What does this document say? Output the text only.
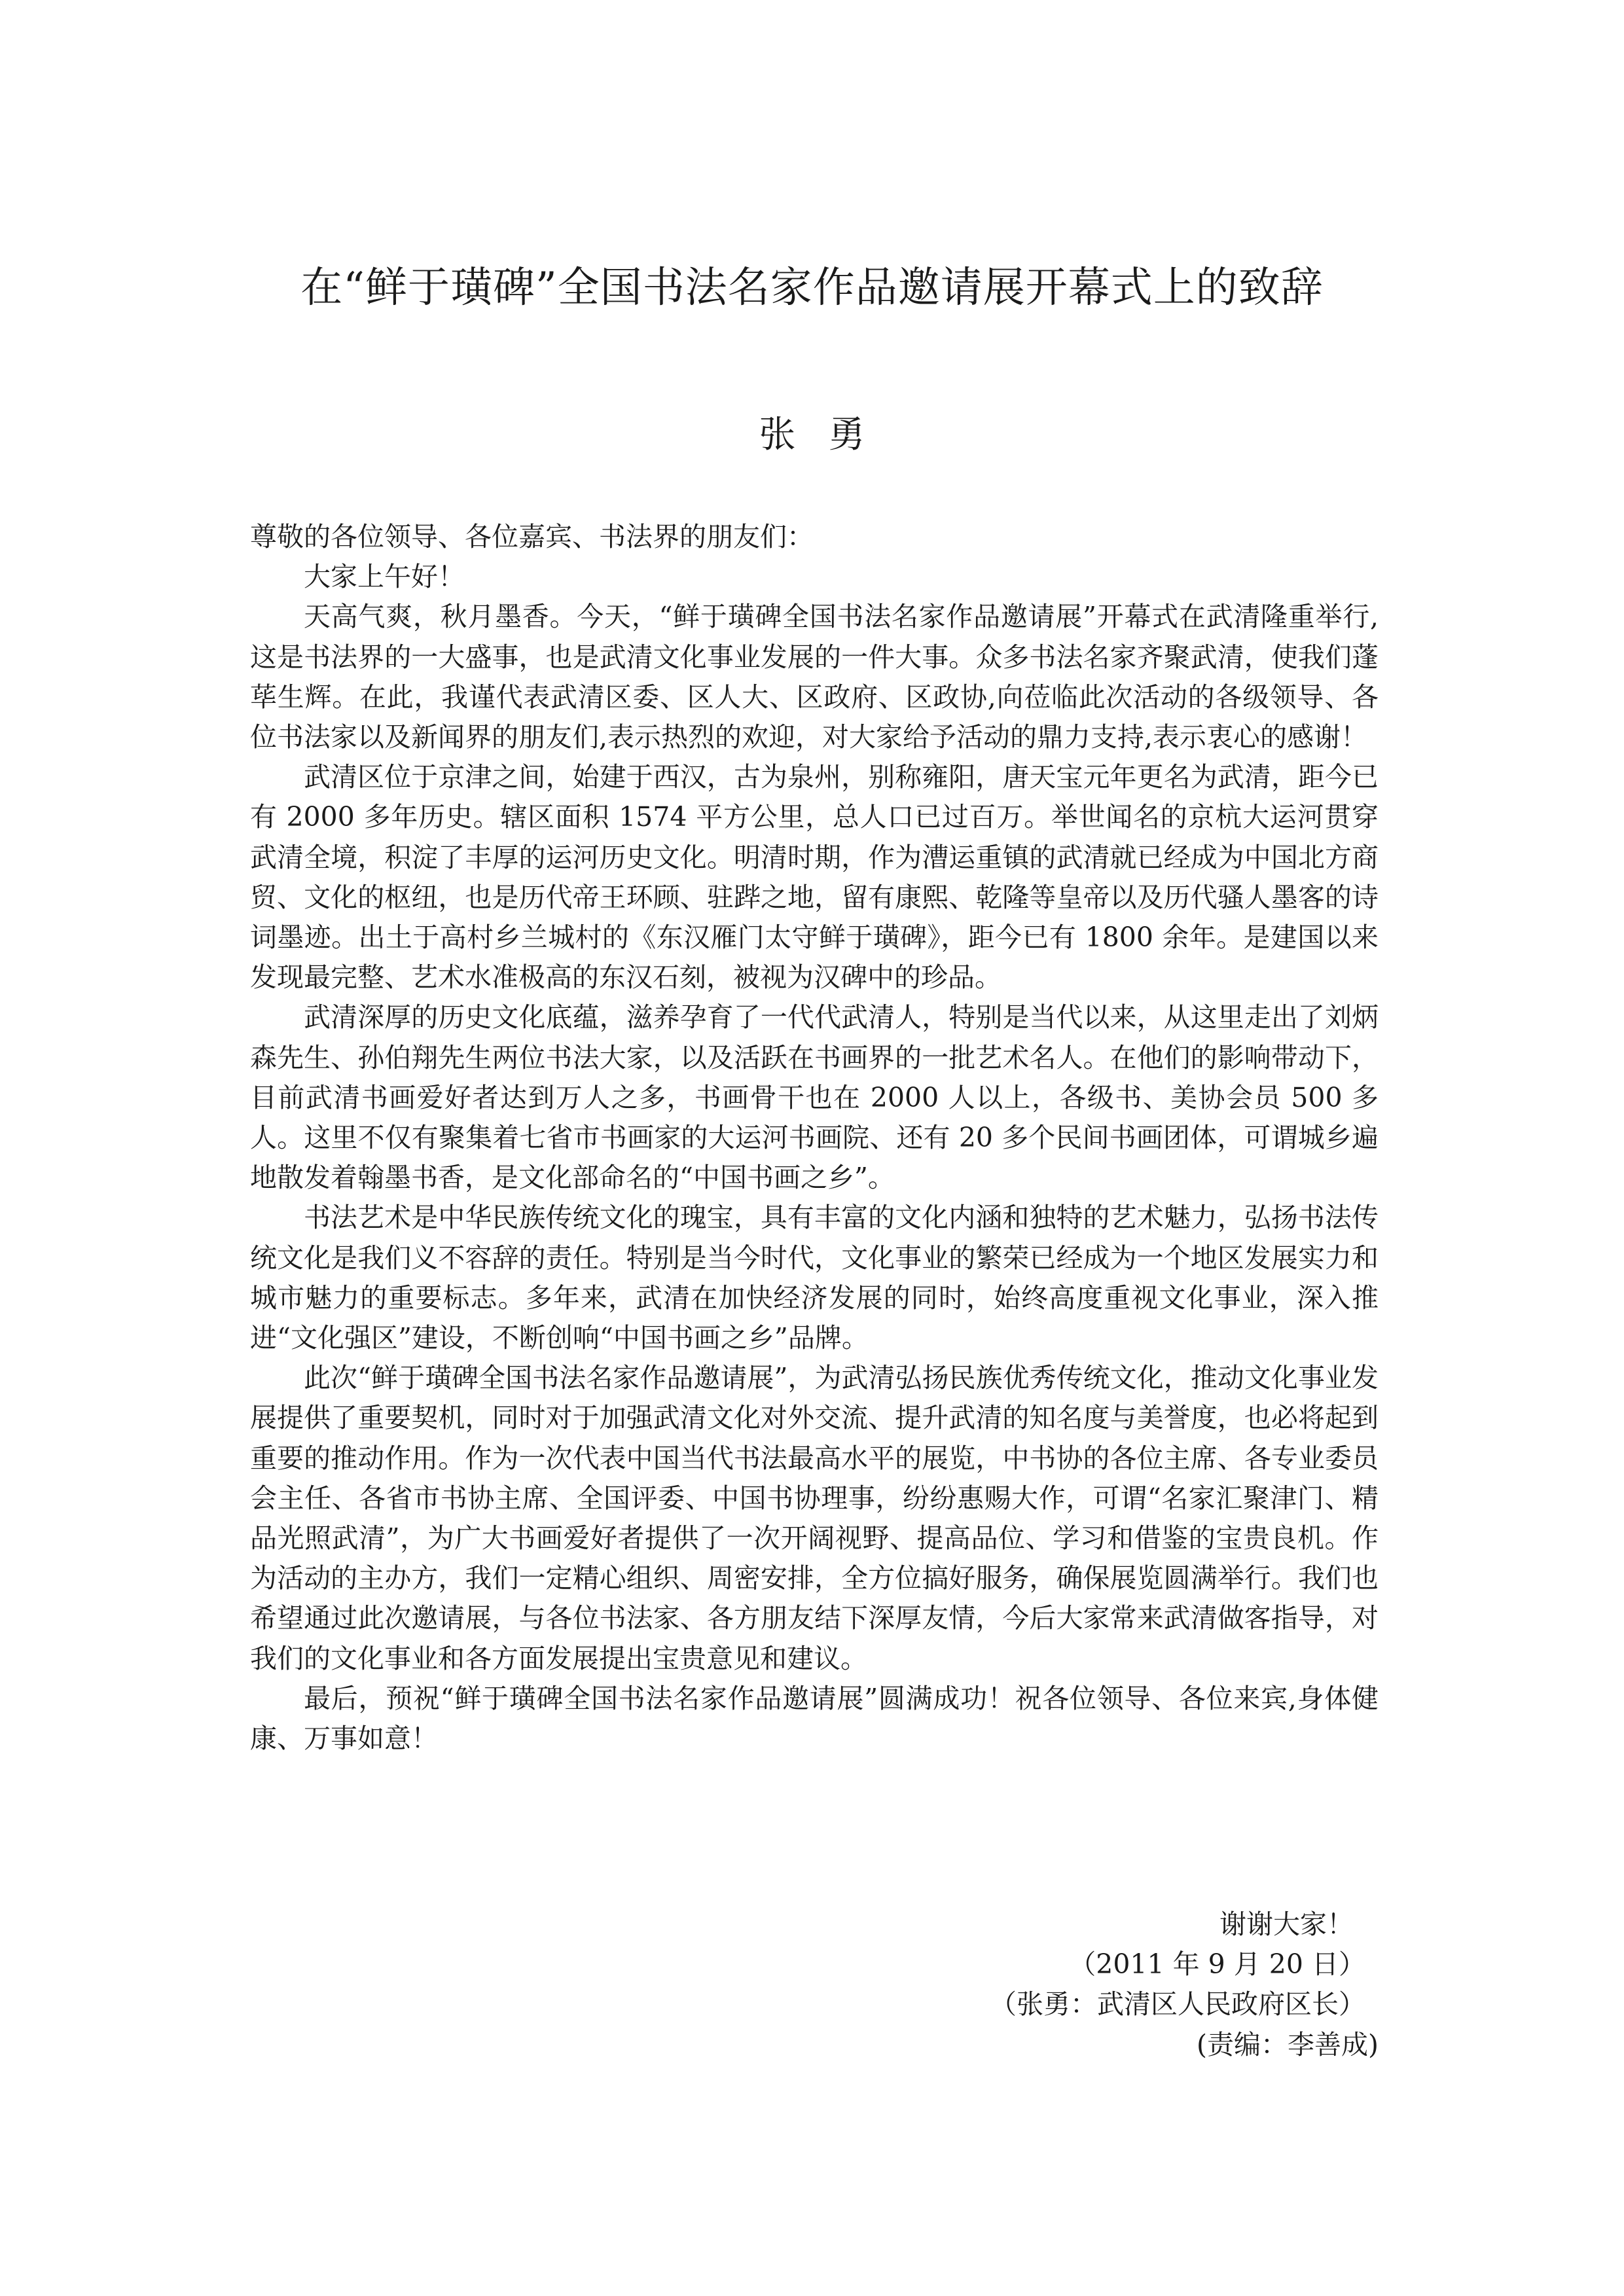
在“鲜于璜碑”全国书法名家作品邀请展开幕式上的致辞
张勇

尊敬的各位领导、各位嘉宾、书法界的朋友们：

大家上午好！

天高气爽，秋月墨香。今天，“鲜于璜碑全国书法名家作品邀请展”开幕式在武清隆重举行,这是书法界的一大盛事，也是武清文化事业发展的一件大事。众多书法名家齐聚武清，使我们蓬荜生辉。在此，我谨代表武清区委、区人大、区政府、区政协,向莅临此次活动的各级领导、各位书法家以及新闻界的朋友们,表示热烈的欢迎，对大家给予活动的鼎力支持,表示衷心的感谢！

武清区位于京津之间，始建于西汉，古为泉州，别称雍阳，唐天宝元年更名为武清，距今已有 2000 多年历史。辖区面积 1574 平方公里，总人口已过百万。举世闻名的京杭大运河贯穿武清全境，积淀了丰厚的运河历史文化。明清时期，作为漕运重镇的武清就已经成为中国北方商贸、文化的枢纽，也是历代帝王环顾、驻跸之地，留有康熙、乾隆等皇帝以及历代骚人墨客的诗词墨迹。出土于高村乡兰城村的《东汉雁门太守鲜于璜碑》，距今已有 1800 余年。是建国以来发现最完整、艺术水准极高的东汉石刻，被视为汉碑中的珍品。

武清深厚的历史文化底蕴，滋养孕育了一代代武清人，特别是当代以来，从这里走出了刘炳森先生、孙伯翔先生两位书法大家，以及活跃在书画界的一批艺术名人。在他们的影响带动下，目前武清书画爱好者达到万人之多，书画骨干也在 2000 人以上，各级书、美协会员 500 多人。这里不仅有聚集着七省市书画家的大运河书画院、还有 20 多个民间书画团体，可谓城乡遍地散发着翰墨书香，是文化部命名的“中国书画之乡”。

书法艺术是中华民族传统文化的瑰宝，具有丰富的文化内涵和独特的艺术魅力，弘扬书法传统文化是我们义不容辞的责任。特别是当今时代，文化事业的繁荣已经成为一个地区发展实力和城市魅力的重要标志。多年来，武清在加快经济发展的同时，始终高度重视文化事业，深入推进“文化强区”建设，不断创响“中国书画之乡”品牌。

此次“鲜于璜碑全国书法名家作品邀请展”，为武清弘扬民族优秀传统文化，推动文化事业发展提供了重要契机，同时对于加强武清文化对外交流、提升武清的知名度与美誉度，也必将起到重要的推动作用。作为一次代表中国当代书法最高水平的展览，中书协的各位主席、各专业委员会主任、各省市书协主席、全国评委、中国书协理事，纷纷惠赐大作，可谓“名家汇聚津门、精品光照武清”，为广大书画爱好者提供了一次开阔视野、提高品位、学习和借鉴的宝贵良机。作为活动的主办方，我们一定精心组织、周密安排，全方位搞好服务，确保展览圆满举行。我们也希望通过此次邀请展，与各位书法家、各方朋友结下深厚友情，今后大家常来武清做客指导，对我们的文化事业和各方面发展提出宝贵意见和建议。

最后，预祝“鲜于璜碑全国书法名家作品邀请展”圆满成功！祝各位领导、各位来宾,身体健康、万事如意！

谢谢大家！

（2011 年 9 月 20 日）

（张勇：武清区人民政府区长）

(责编：李善成)
